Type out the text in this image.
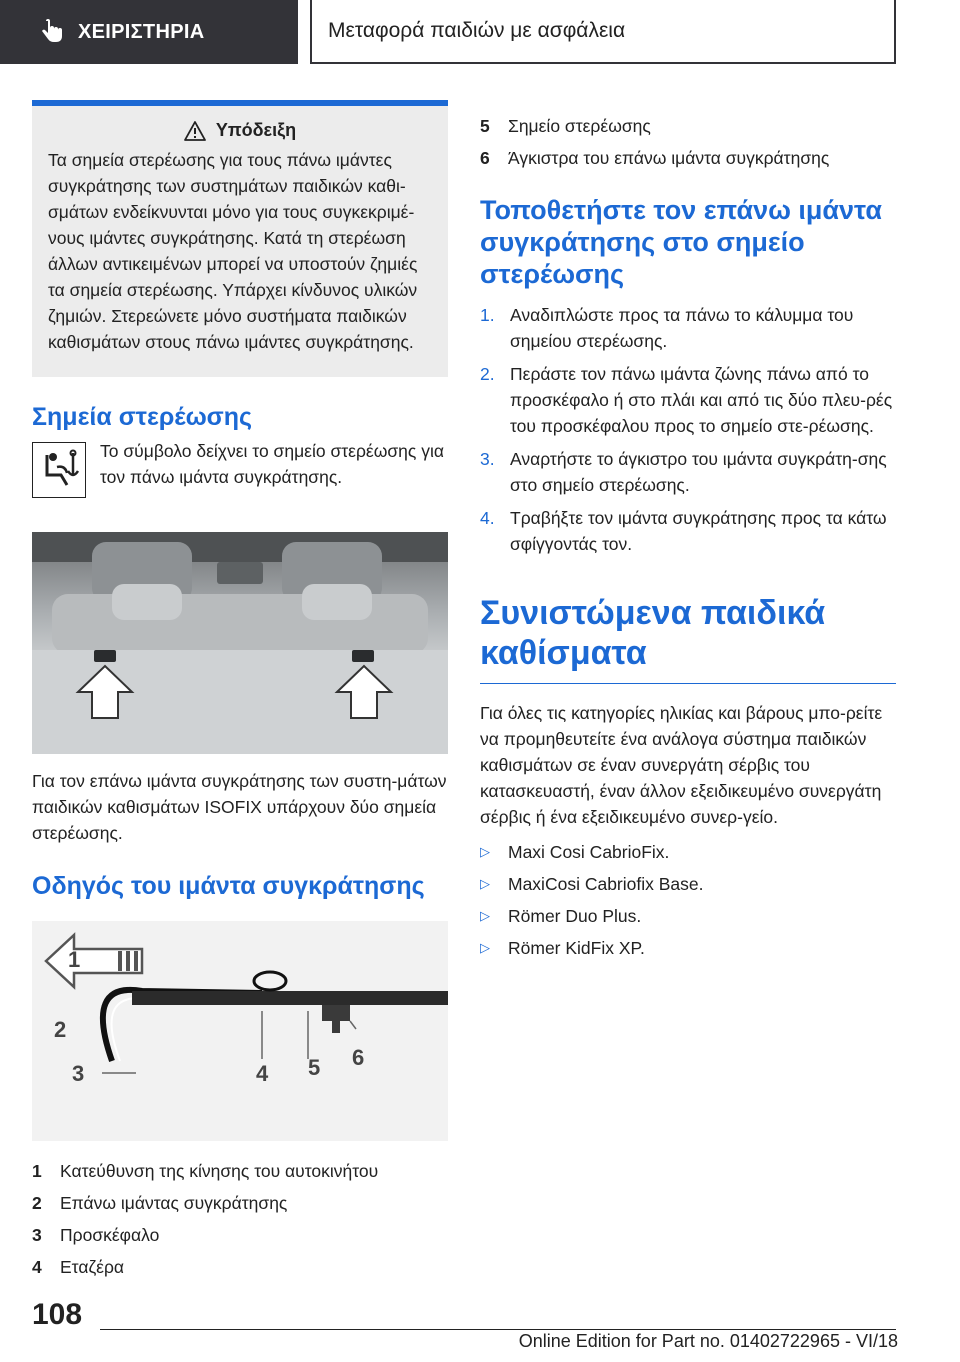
ΧΕΙΡΙΣΤΗΡΙΑ	Μεταφορά παιδιών με ασφάλεια
Υπόδειξη

Τα σημεία στερέωσης για τους πάνω ιμάντες συγκράτησης των συστημάτων παιδικών καθι-σμάτων ενδείκνυνται μόνο για τους συγκεκριμέ-νους ιμάντες συγκράτησης. Κατά τη στερέωση άλλων αντικειμένων μπορεί να υποστούν ζημιές τα σημεία στερέωσης. Υπάρχει κίνδυνος υλικών ζημιών. Στερεώνετε μόνο συστήματα παιδικών καθισμάτων στους πάνω ιμάντες συγκράτησης.

Σημεία στερέωσης

Το σύμβολο δείχνει το σημείο στερέωσης για τον πάνω ιμάντα συγκράτησης.

Για τον επάνω ιμάντα συγκράτησης των συστη-μάτων παιδικών καθισμάτων ISOFIX υπάρχουν δύο σημεία στερέωσης.

Οδηγός του ιμάντα συγκράτησης
1
2
3	4 5 6
1	Κατεύθυνση της κίνησης του αυτοκινήτου
2	Επάνω ιμάντας συγκράτησης
3	Προσκέφαλο
4	Εταζέρα
5	Σημείο στερέωσης
6	Άγκιστρα του επάνω ιμάντα συγκράτησης
Τοποθετήστε τον επάνω ιμάντα συγκράτησης στο σημείο στερέωσης
1. Αναδιπλώστε προς τα πάνω το κάλυμμα του σημείου στερέωσης.
2. Περάστε τον πάνω ιμάντα ζώνης πάνω από το προσκέφαλο ή στο πλάι και από τις δύο πλευ-ρές του προσκέφαλου προς το σημείο στε-ρέωσης.
3. Αναρτήστε το άγκιστρο του ιμάντα συγκράτη-σης στο σημείο στερέωσης.
4. Τραβήξτε τον ιμάντα συγκράτησης προς τα κάτω σφίγγοντάς τον.
Συνιστώμενα παιδικά καθίσματα

Για όλες τις κατηγορίες ηλικίας και βάρους μπο-ρείτε να προμηθευτείτε ένα ανάλογα σύστημα παιδικών καθισμάτων σε έναν συνεργάτη σέρβις του κατασκευαστή, έναν άλλον εξειδικευμένο συνεργάτη σέρβις ή ένα εξειδικευμένο συνερ-γείο.

▷	Maxi Cosi CabrioFix.
▷	MaxiCosi Cabriofix Base.
▷	Römer Duo Plus.
▷	Römer KidFix XP.
108
Online Edition for Part no. 01402722965 - VI/18
